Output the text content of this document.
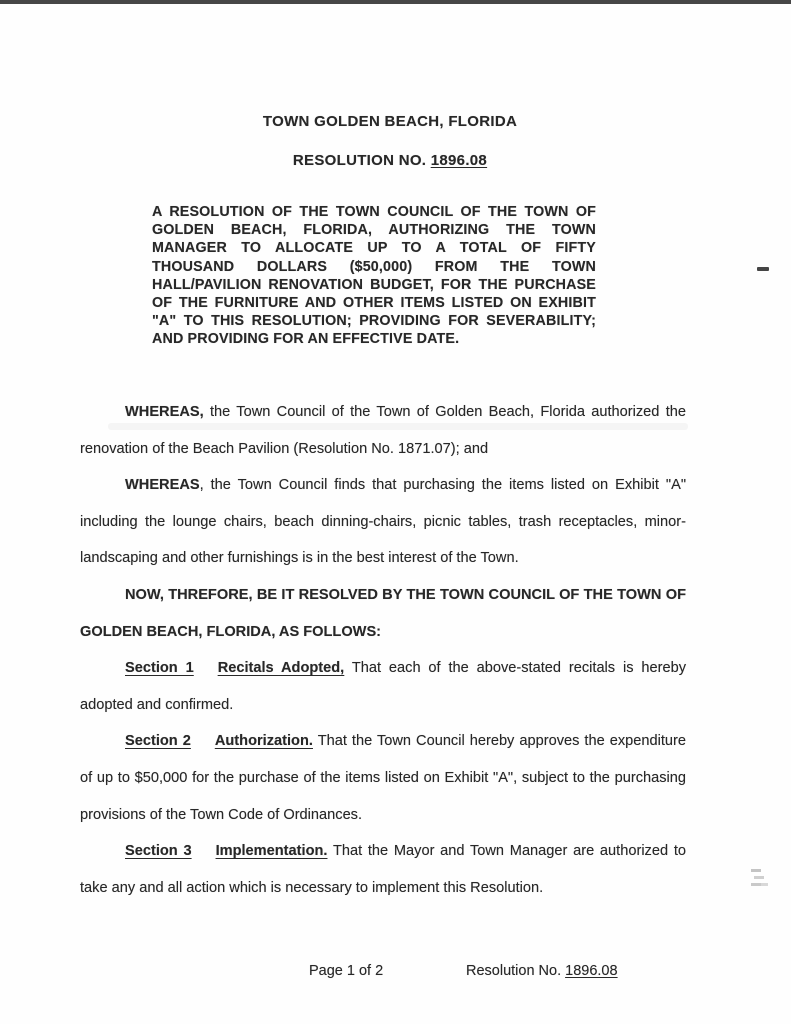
TOWN GOLDEN BEACH, FLORIDA
RESOLUTION NO. 1896.08
A RESOLUTION OF THE TOWN COUNCIL OF THE TOWN OF GOLDEN BEACH, FLORIDA, AUTHORIZING THE TOWN MANAGER TO ALLOCATE UP TO A TOTAL OF FIFTY THOUSAND DOLLARS ($50,000) FROM THE TOWN HALL/PAVILION RENOVATION BUDGET, FOR THE PURCHASE OF THE FURNITURE AND OTHER ITEMS LISTED ON EXHIBIT "A" TO THIS RESOLUTION; PROVIDING FOR SEVERABILITY; AND PROVIDING FOR AN EFFECTIVE DATE.

WHEREAS, the Town Council of the Town of Golden Beach, Florida authorized the renovation of the Beach Pavilion (Resolution No. 1871.07); and

WHEREAS, the Town Council finds that purchasing the items listed on Exhibit "A" including the lounge chairs, beach dinning-chairs, picnic tables, trash receptacles, minor-landscaping and other furnishings is in the best interest of the Town.

NOW, THREFORE, BE IT RESOLVED BY THE TOWN COUNCIL OF THE TOWN OF GOLDEN BEACH, FLORIDA, AS FOLLOWS:

Section 1 Recitals Adopted, That each of the above-stated recitals is hereby adopted and confirmed.

Section 2 Authorization. That the Town Council hereby approves the expenditure of up to $50,000 for the purchase of the items listed on Exhibit "A", subject to the purchasing provisions of the Town Code of Ordinances.

Section 3 Implementation. That the Mayor and Town Manager are authorized to take any and all action which is necessary to implement this Resolution.

Page 1 of 2	Resolution No. 1896.08
